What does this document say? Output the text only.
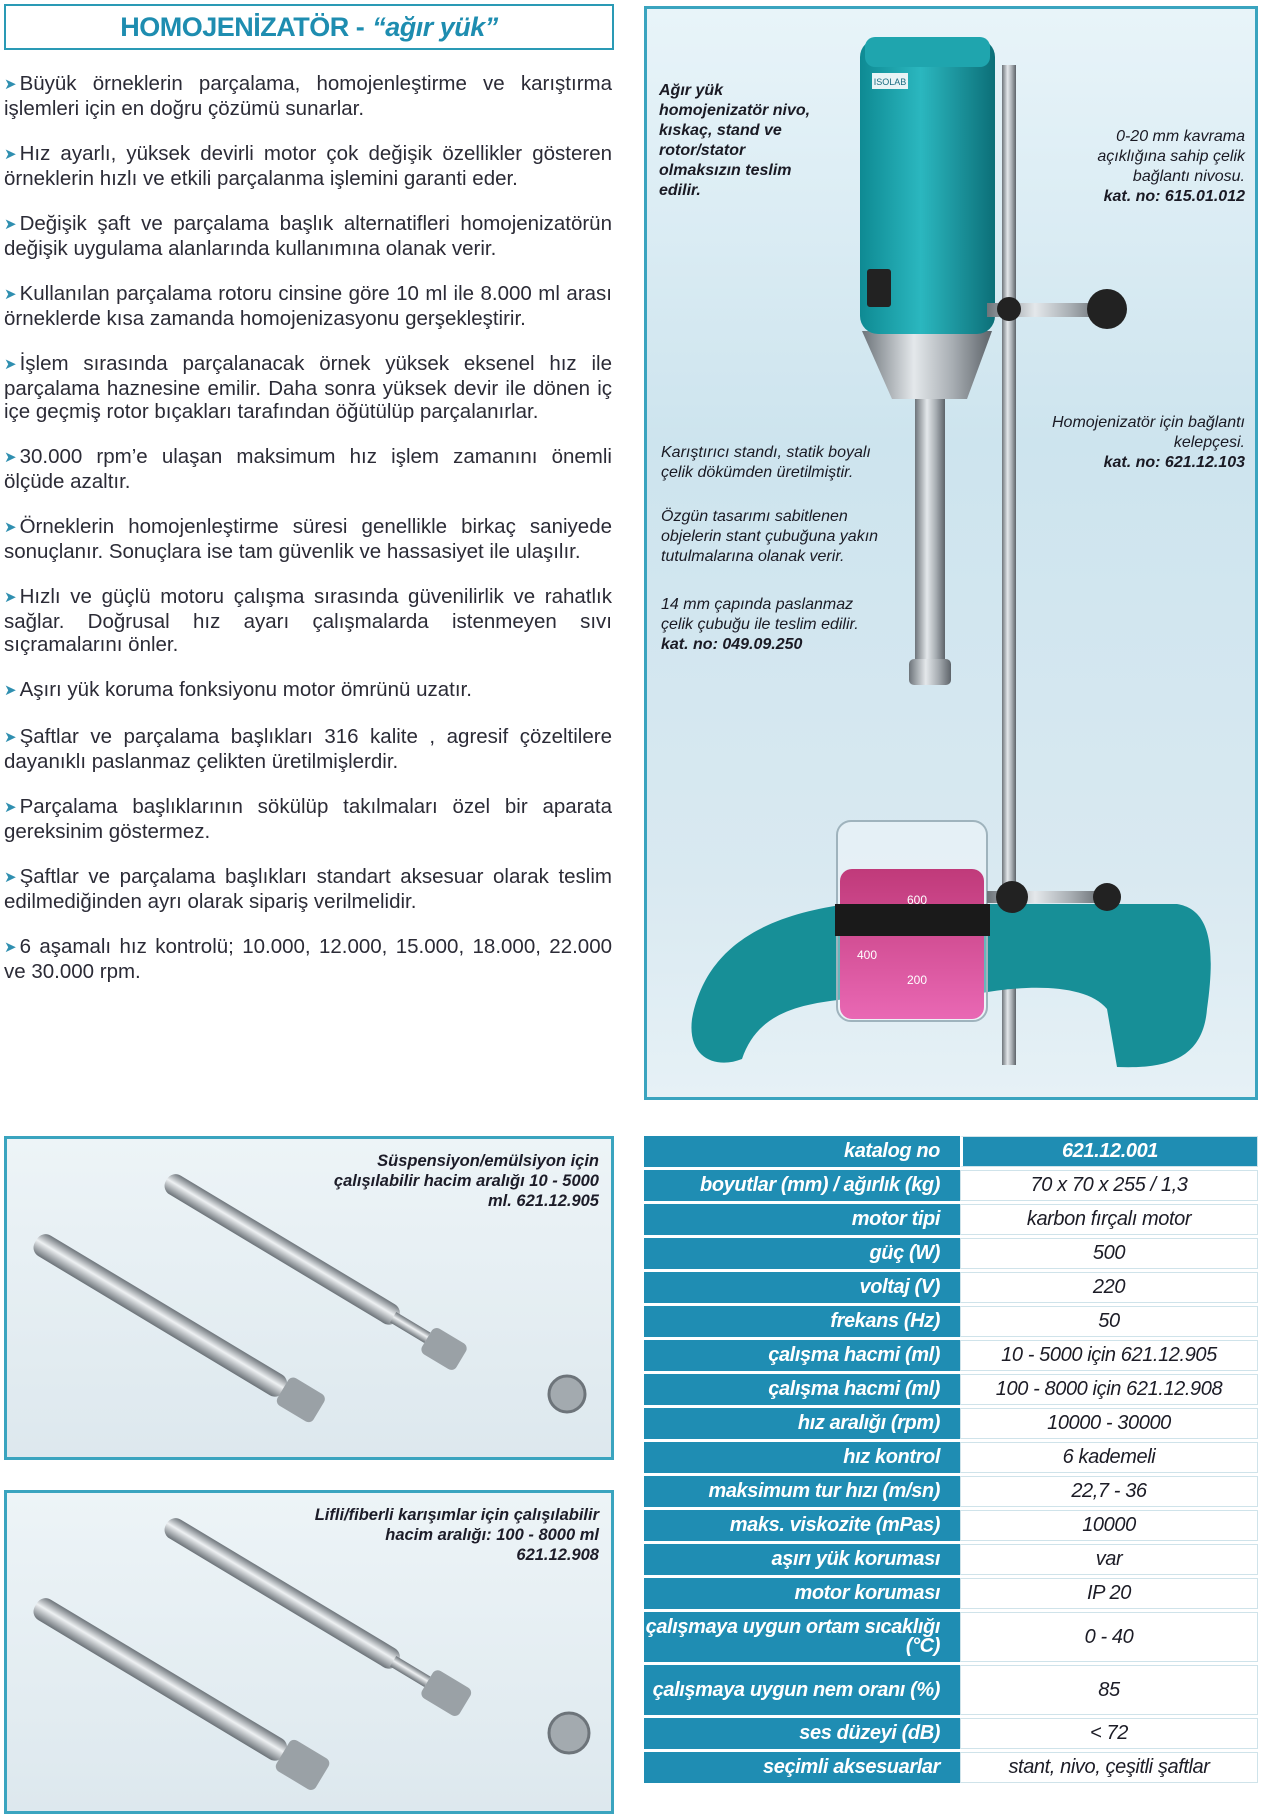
HOMOJENİZATÖR - “ağır yük”

➤ Büyük örneklerin parçalama, homojenleştirme ve karıştırma işlemleri için en doğru çözümü sunarlar.

➤ Hız ayarlı, yüksek devirli motor çok değişik özellikler gösteren örneklerin hızlı ve etkili parçalanma işlemini garanti eder.

➤ Değişik şaft ve parçalama başlık alternatifleri homojenizatörün değişik uygulama alanlarında kullanımına olanak verir.

➤ Kullanılan parçalama rotoru cinsine göre 10 ml ile 8.000 ml arası örneklerde kısa zamanda homojenizasyonu gerşekleştirir.

➤ İşlem sırasında parçalanacak örnek yüksek eksenel hız ile parçalama haznesine emilir. Daha sonra yüksek devir ile dönen iç içe geçmiş rotor bıçakları tarafından öğütülüp parçalanırlar.

➤ 30.000 rpm’e ulaşan maksimum hız işlem zamanını önemli ölçüde azaltır.

➤ Örneklerin homojenleştirme süresi genellikle birkaç saniyede sonuçlanır. Sonuçlara ise tam güvenlik ve hassasiyet ile ulaşılır.

➤ Hızlı ve güçlü motoru çalışma sırasında güvenilirlik ve rahatlık sağlar. Doğrusal hız ayarı çalışmalarda istenmeyen sıvı sıçramalarını önler.

➤ Aşırı yük koruma fonksiyonu motor ömrünü uzatır.

➤ Şaftlar ve parçalama başlıkları 316 kalite , agresif çözeltilere dayanıklı paslanmaz çelikten üretilmişlerdir.

➤ Parçalama başlıklarının sökülüp takılmaları özel bir aparata gereksinim göstermez.

➤ Şaftlar ve parçalama başlıkları standart aksesuar olarak teslim edilmediğinden ayrı olarak sipariş verilmelidir.

➤ 6 aşamalı hız kontrolü; 10.000, 12.000, 15.000, 18.000, 22.000 ve 30.000 rpm.

600
400
200
ISOLAB
Ağır yük homojenizatör nivo, kıskaç, stand ve rotor/stator olmaksızın teslim edilir.
0-20 mm kavrama açıklığına sahip çelik bağlantı nivosu.
kat. no: 615.01.012
Homojenizatör için bağlantı kelepçesi.
kat. no: 621.12.103
Karıştırıcı standı, statik boyalı çelik dökümden üretilmiştir.
Özgün tasarımı sabitlenen objelerin stant çubuğuna yakın tutulmalarına olanak verir.
14 mm çapında paslanmaz çelik çubuğu ile teslim edilir.
kat. no: 049.09.250
Süspensiyon/emülsiyon için çalışılabilir hacim aralığı 10 - 5000 ml. 621.12.905
Lifli/fiberli karışımlar için çalışılabilir hacim aralığı: 100 - 8000 ml 621.12.908
katalog no	621.12.001
boyutlar (mm) / ağırlık (kg)	70 x 70 x 255 / 1,3
motor tipi	karbon fırçalı motor
güç (W)	500
voltaj (V)	220
frekans (Hz)	50
çalışma hacmi (ml)	10 - 5000 için 621.12.905
çalışma hacmi (ml)	100 - 8000 için 621.12.908
hız aralığı (rpm)	10000 - 30000
hız kontrol	6 kademeli
maksimum tur hızı (m/sn)	22,7 - 36
maks. viskozite (mPas)	10000
aşırı yük koruması	var
motor koruması	IP 20
çalışmaya uygun ortam sıcaklığı (°C)	0 - 40
çalışmaya uygun nem oranı (%)	85
ses düzeyi (dB)	< 72
seçimli aksesuarlar	stant, nivo, çeşitli şaftlar
